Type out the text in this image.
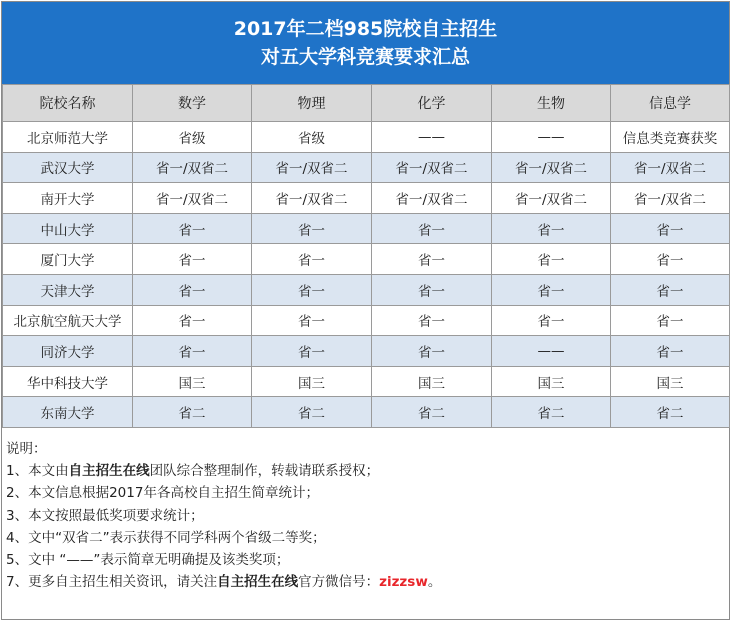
2017年二档985院校自主招生
对五大学科竞赛要求汇总
院校名称	数学	物理	化学	生物	信息学
北京师范大学	省级	省级	——	——	信息类竞赛获奖
武汉大学	省一/双省二	省一/双省二	省一/双省二	省一/双省二	省一/双省二
南开大学	省一/双省二	省一/双省二	省一/双省二	省一/双省二	省一/双省二
中山大学	省一	省一	省一	省一	省一
厦门大学	省一	省一	省一	省一	省一
天津大学	省一	省一	省一	省一	省一
北京航空航天大学	省一	省一	省一	省一	省一
同济大学	省一	省一	省一	——	省一
华中科技大学	国三	国三	国三	国三	国三
东南大学	省二	省二	省二	省二	省二
说明：
1、本文由自主招生在线团队综合整理制作，转载请联系授权；
2、本文信息根据2017年各高校自主招生简章统计；
3、本文按照最低奖项要求统计；
4、文中“双省二”表示获得不同学科两个省级二等奖；
5、文中 “——”表示简章无明确提及该类奖项；
7、更多自主招生相关资讯，请关注自主招生在线官方微信号：zizzsw。
